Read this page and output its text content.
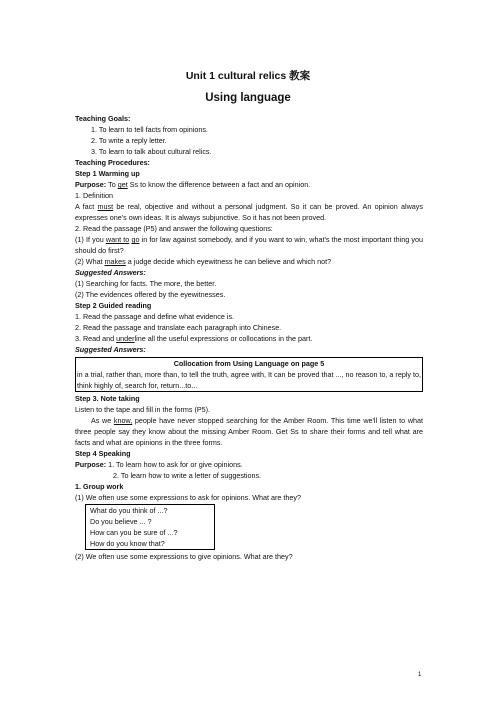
Unit 1 cultural relics 教案
Using language

Teaching Goals:

1. To learn to tell facts from opinions.

2. To write a reply letter.

3. To learn to talk about cultural relics.

Teaching Procedures:

Step 1 Warming up

Purpose: To get Ss to know the difference between a fact and an opinion.

1. Definition

A fact must be real, objective and without a personal judgment. So it can be proved. An opinion always expresses one's own ideas. It is always subjunctive. So it has not been proved.

2. Read the passage (P5) and answer the following questions:

(1) If you want to go in for law against somebody, and if you want to win, what's the most important thing you should do first?

(2) What makes a judge decide which eyewitness he can believe and which not?

Suggested Answers:

(1) Searching for facts. The more, the better.

(2) The evidences offered by the eyewitnesses.

Step 2 Guided reading

1. Read the passage and define what evidence is.

2. Read the passage and translate each paragraph into Chinese.

3. Read and underline all the useful expressions or collocations in the part.

Suggested Answers:

Collocation from Using Language on page 5

in a trial, rather than, more than, to tell the truth, agree with, It can be proved that ..., no reason to, a reply to, think highly of, search for, return...to...

Step 3. Note taking

Listen to the tape and fill in the forms (P5).

As we know, people have never stopped searching for the Amber Room. This time we'll listen to what three people say they know about the missing Amber Room. Get Ss to share their forms and tell what are facts and what are opinions in the three forms.

Step 4 Speaking

Purpose: 1. To learn how to ask for or give opinions.

2. To learn how to write a letter of suggestions.

1. Group work

(1) We often use some expressions to ask for opinions. What are they?

What do you think of ...?

Do you believe ... ?

How can you be sure of ...?

How do you know that?

(2) We often use some expressions to give opinions. What are they?

1
